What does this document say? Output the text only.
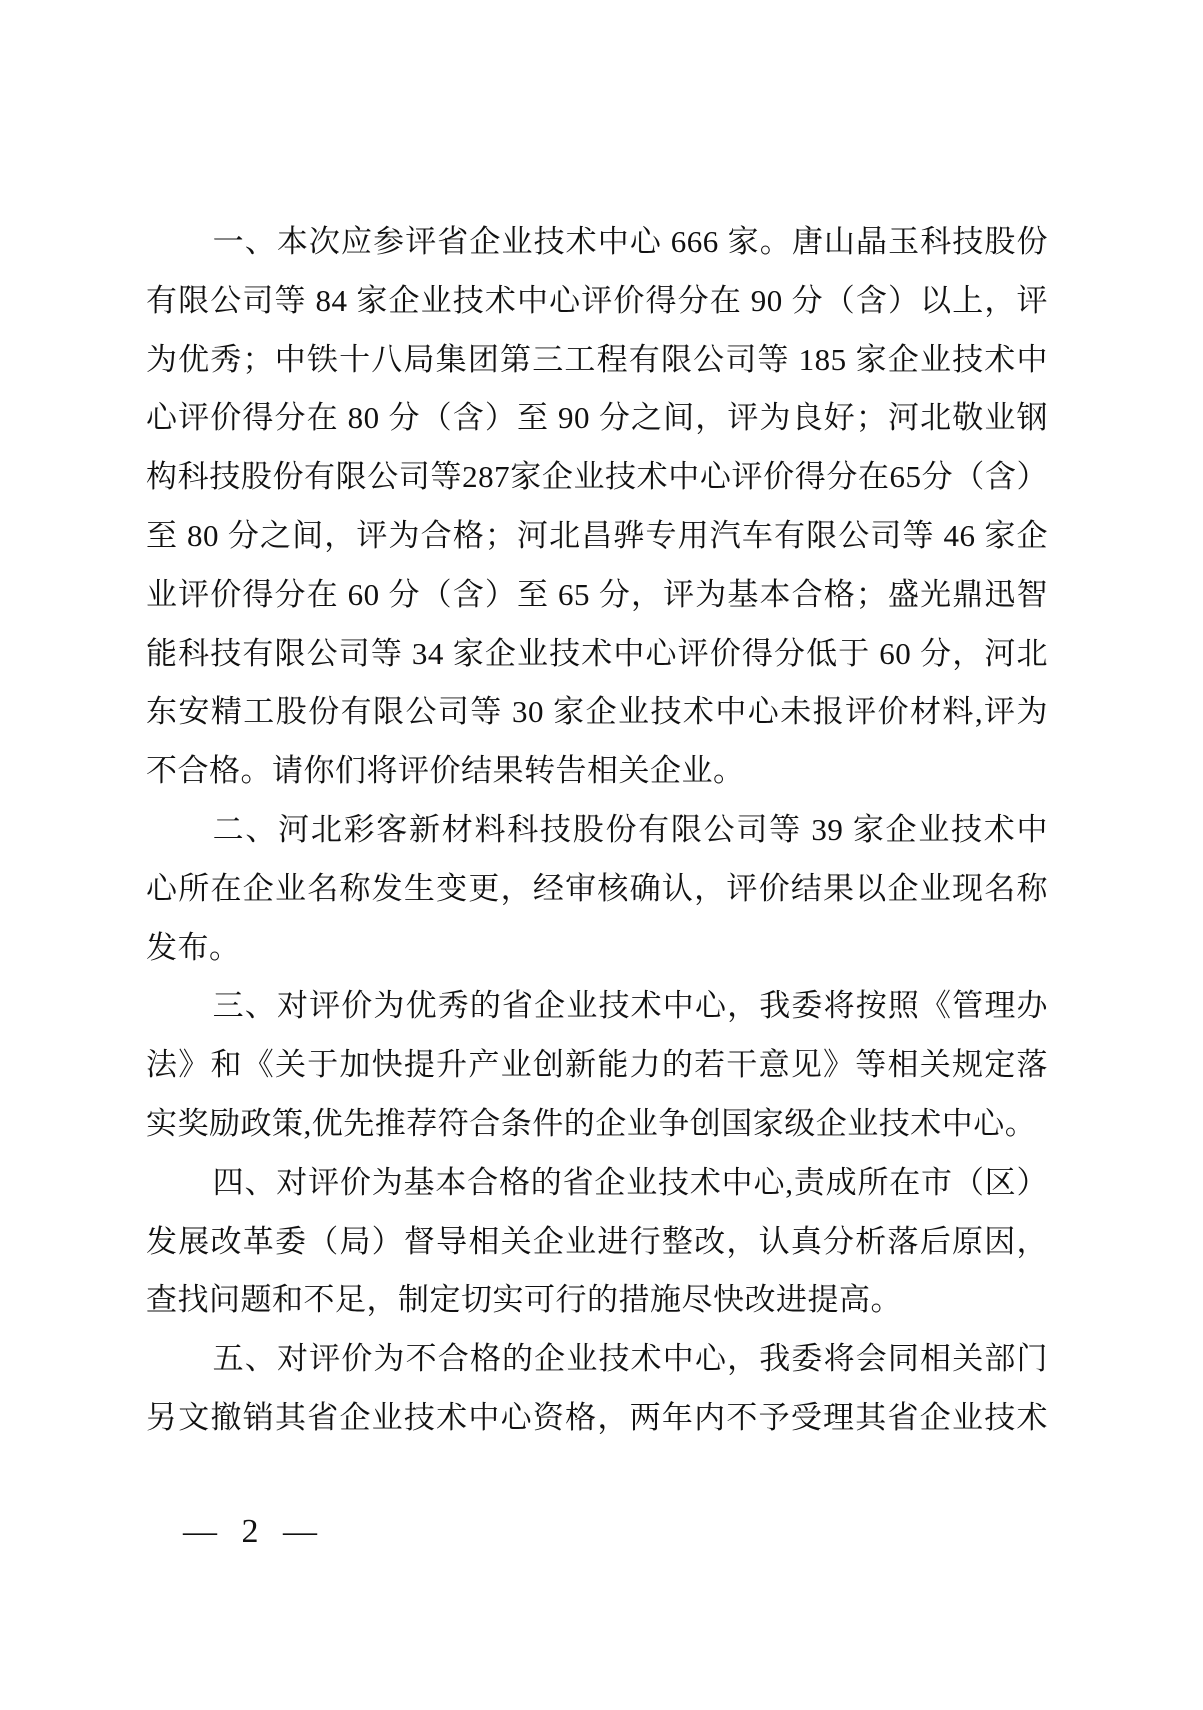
一、本次应参评省企业技术中心 666 家。唐山晶玉科技股份
有限公司等 84 家企业技术中心评价得分在 90 分（含）以上，评
为优秀；中铁十八局集团第三工程有限公司等 185 家企业技术中
心评价得分在 80 分（含）至 90 分之间，评为良好；河北敬业钢
构科技股份有限公司等287家企业技术中心评价得分在65分（含）
至 80 分之间，评为合格；河北昌骅专用汽车有限公司等 46 家企
业评价得分在 60 分（含）至 65 分，评为基本合格；盛光鼎迅智
能科技有限公司等 34 家企业技术中心评价得分低于 60 分，河北
东安精工股份有限公司等 30 家企业技术中心未报评价材料,评为
不合格。请你们将评价结果转告相关企业。
二、河北彩客新材料科技股份有限公司等 39 家企业技术中
心所在企业名称发生变更，经审核确认，评价结果以企业现名称
发布。
三、对评价为优秀的省企业技术中心，我委将按照《管理办
法》和《关于加快提升产业创新能力的若干意见》等相关规定落
实奖励政策,优先推荐符合条件的企业争创国家级企业技术中心。
四、对评价为基本合格的省企业技术中心,责成所在市（区）
发展改革委（局）督导相关企业进行整改，认真分析落后原因，
查找问题和不足，制定切实可行的措施尽快改进提高。
五、对评价为不合格的企业技术中心，我委将会同相关部门
另文撤销其省企业技术中心资格，两年内不予受理其省企业技术
— 2 —
